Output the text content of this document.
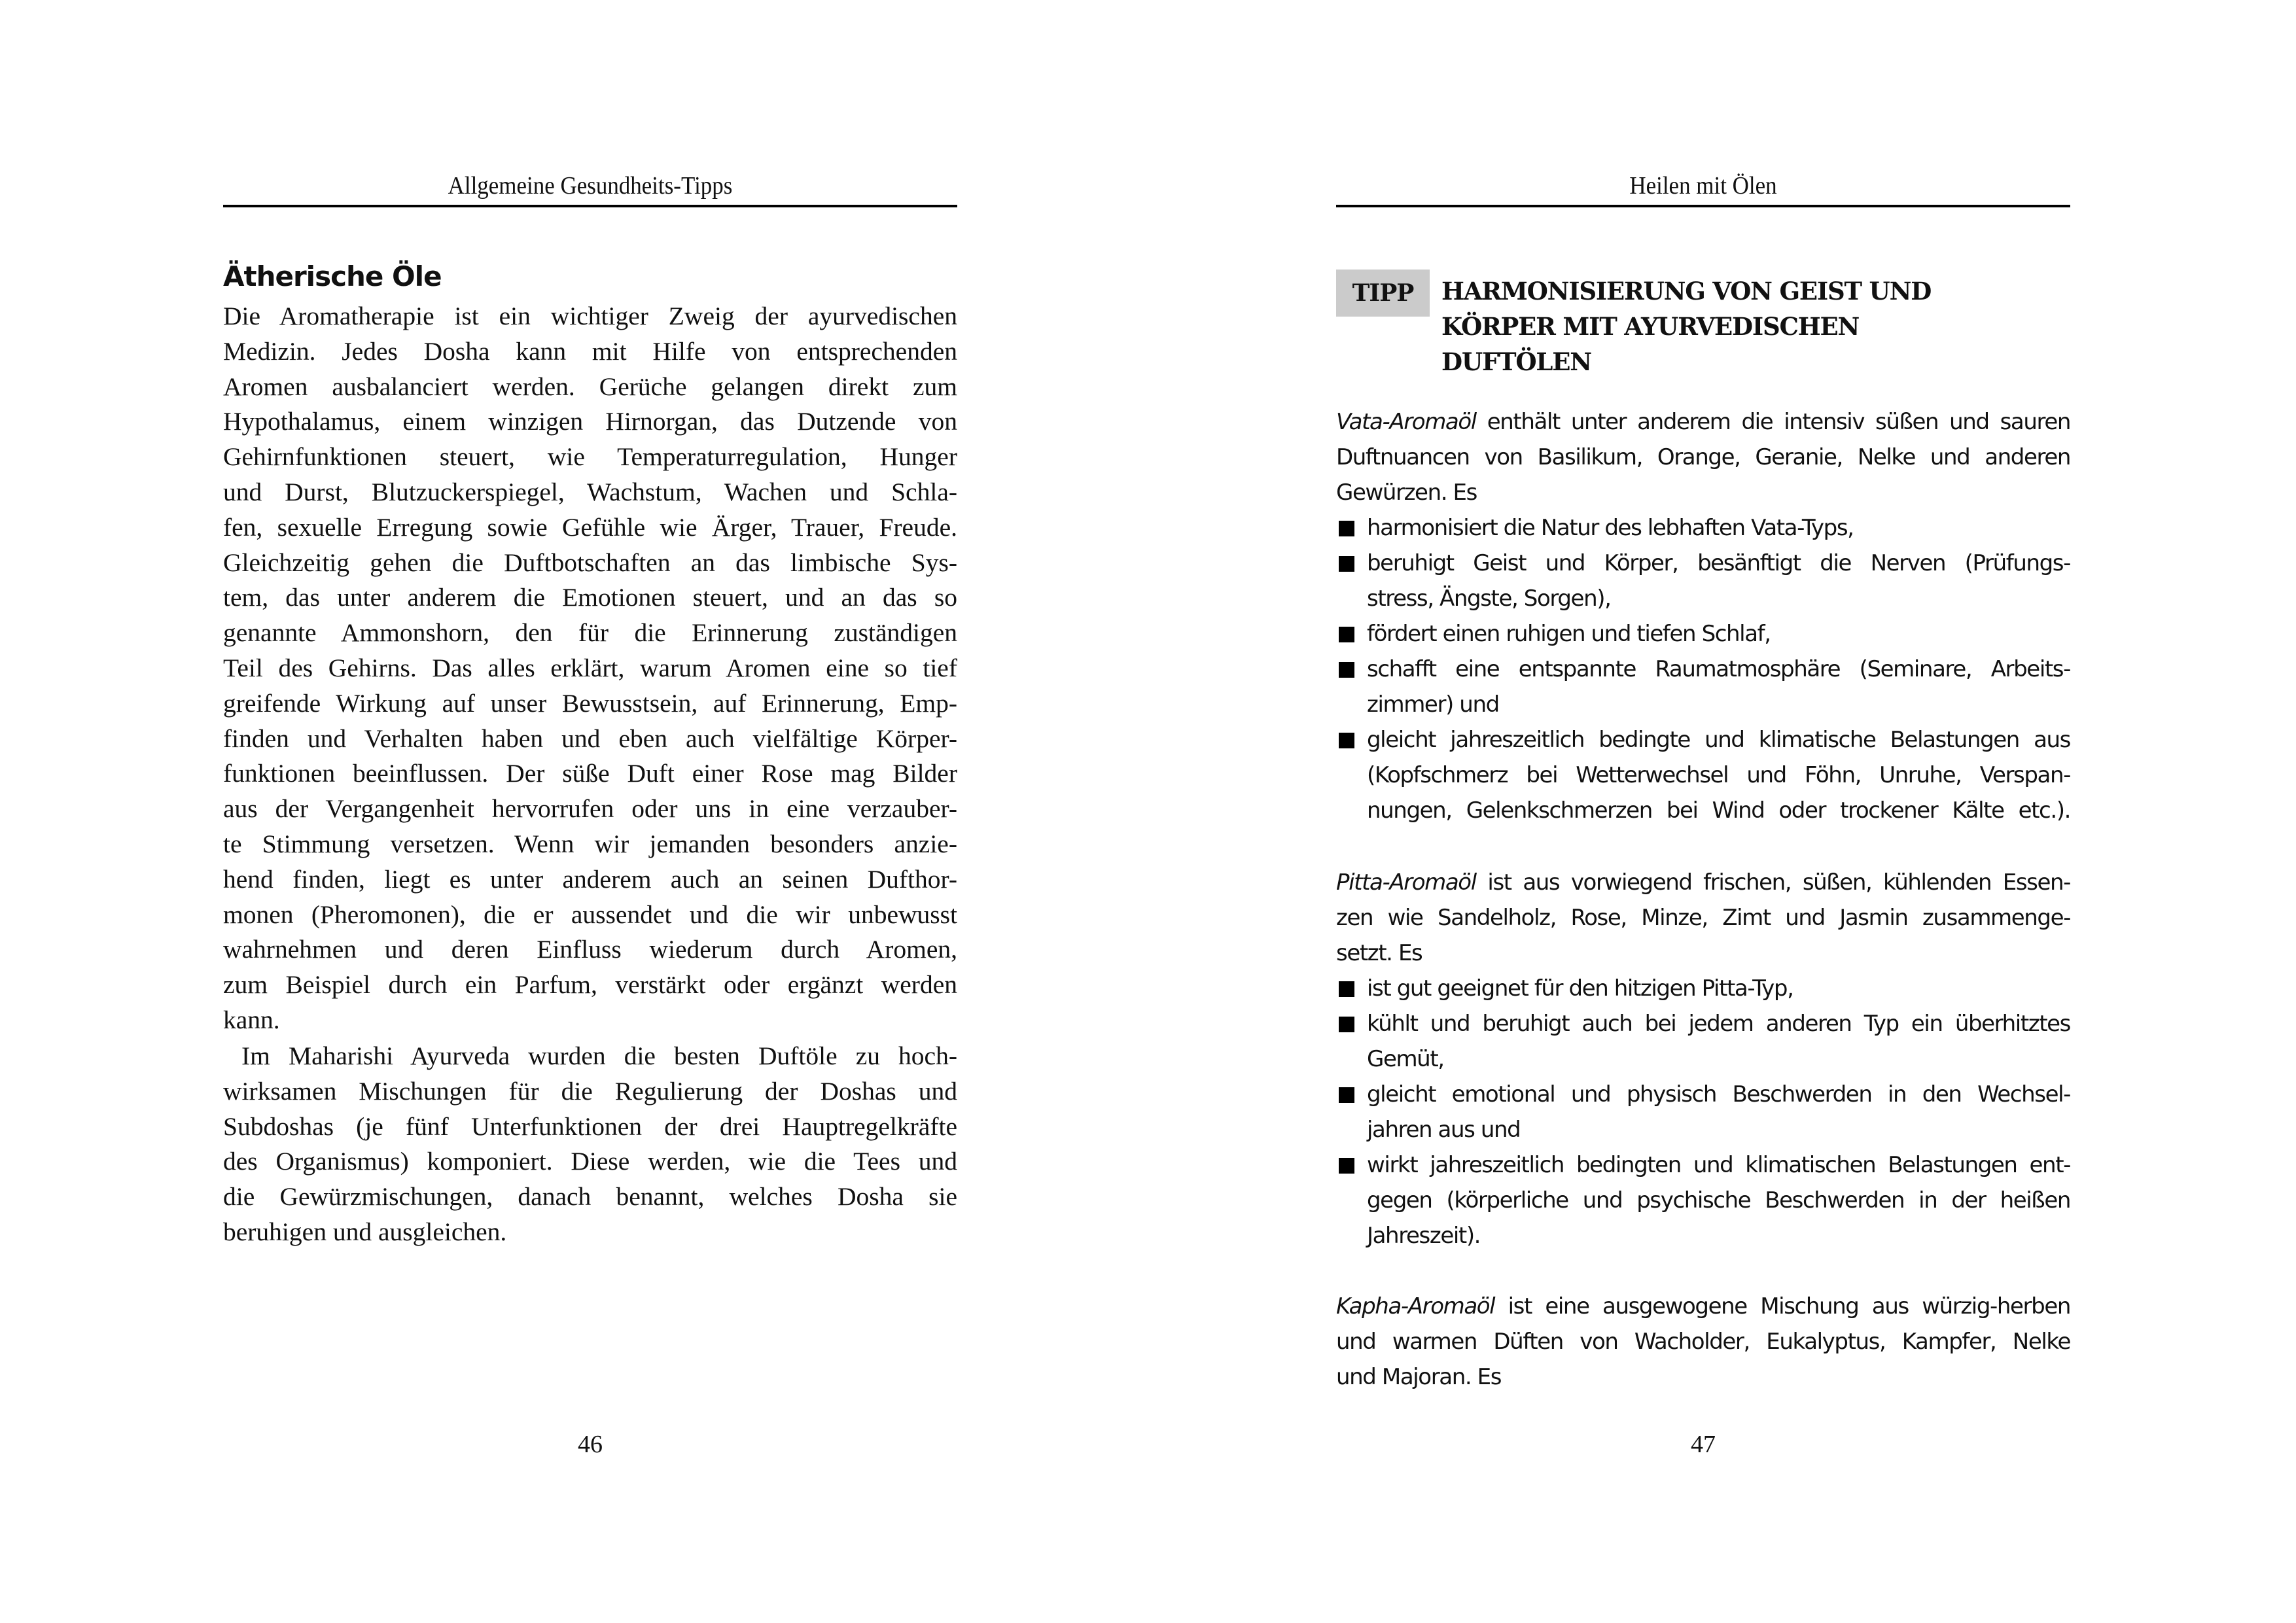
Allgemeine Gesundheits-Tipps
Ätherische Öle
Die Aromatherapie ist ein wichtiger Zweig der ayurvedischen
Medizin. Jedes Dosha kann mit Hilfe von entsprechenden
Aromen ausbalanciert werden. Gerüche gelangen direkt zum
Hypothalamus, einem winzigen Hirnorgan, das Dutzende von
Gehirnfunktionen steuert, wie Temperaturregulation, Hunger
und Durst, Blutzuckerspiegel, Wachstum, Wachen und Schla-
fen, sexuelle Erregung sowie Gefühle wie Ärger, Trauer, Freude.
Gleichzeitig gehen die Duftbotschaften an das limbische Sys-
tem, das unter anderem die Emotionen steuert, und an das so
genannte Ammonshorn, den für die Erinnerung zuständigen
Teil des Gehirns. Das alles erklärt, warum Aromen eine so tief
greifende Wirkung auf unser Bewusstsein, auf Erinnerung, Emp-
finden und Verhalten haben und eben auch vielfältige Körper-
funktionen beeinflussen. Der süße Duft einer Rose mag Bilder
aus der Vergangenheit hervorrufen oder uns in eine verzauber-
te Stimmung versetzen. Wenn wir jemanden besonders anzie-
hend finden, liegt es unter anderem auch an seinen Dufthor-
monen (Pheromonen), die er aussendet und die wir unbewusst
wahrnehmen und deren Einfluss wiederum durch Aromen,
zum Beispiel durch ein Parfum, verstärkt oder ergänzt werden
kann.
Im Maharishi Ayurveda wurden die besten Duftöle zu hoch-
wirksamen Mischungen für die Regulierung der Doshas und
Subdoshas (je fünf Unterfunktionen der drei Hauptregelkräfte
des Organismus) komponiert. Diese werden, wie die Tees und
die Gewürzmischungen, danach benannt, welches Dosha sie
beruhigen und ausgleichen.
46
Heilen mit Ölen
TIPP	HARMONISIERUNG VON GEIST UND
KÖRPER MIT AYURVEDISCHEN
DUFTÖLEN
Vata-Aromaöl enthält unter anderem die intensiv süßen und sauren
Duftnuancen von Basilikum, Orange, Geranie, Nelke und anderen
Gewürzen. Es
harmonisiert die Natur des lebhaften Vata-Typs,
beruhigt Geist und Körper, besänftigt die Nerven (Prüfungs-
stress, Ängste, Sorgen),
fördert einen ruhigen und tiefen Schlaf,
schafft eine entspannte Raumatmosphäre (Seminare, Arbeits-
zimmer) und
gleicht jahreszeitlich bedingte und klimatische Belastungen aus
(Kopfschmerz bei Wetterwechsel und Föhn, Unruhe, Verspan-
nungen, Gelenkschmerzen bei Wind oder trockener Kälte etc.).
Pitta-Aromaöl ist aus vorwiegend frischen, süßen, kühlenden Essen-
zen wie Sandelholz, Rose, Minze, Zimt und Jasmin zusammenge-
setzt. Es
ist gut geeignet für den hitzigen Pitta-Typ,
kühlt und beruhigt auch bei jedem anderen Typ ein überhitztes
Gemüt,
gleicht emotional und physisch Beschwerden in den Wechsel-
jahren aus und
wirkt jahreszeitlich bedingten und klimatischen Belastungen ent-
gegen (körperliche und psychische Beschwerden in der heißen
Jahreszeit).
Kapha-Aromaöl ist eine ausgewogene Mischung aus würzig-herben
und warmen Düften von Wacholder, Eukalyptus, Kampfer, Nelke
und Majoran. Es
47
